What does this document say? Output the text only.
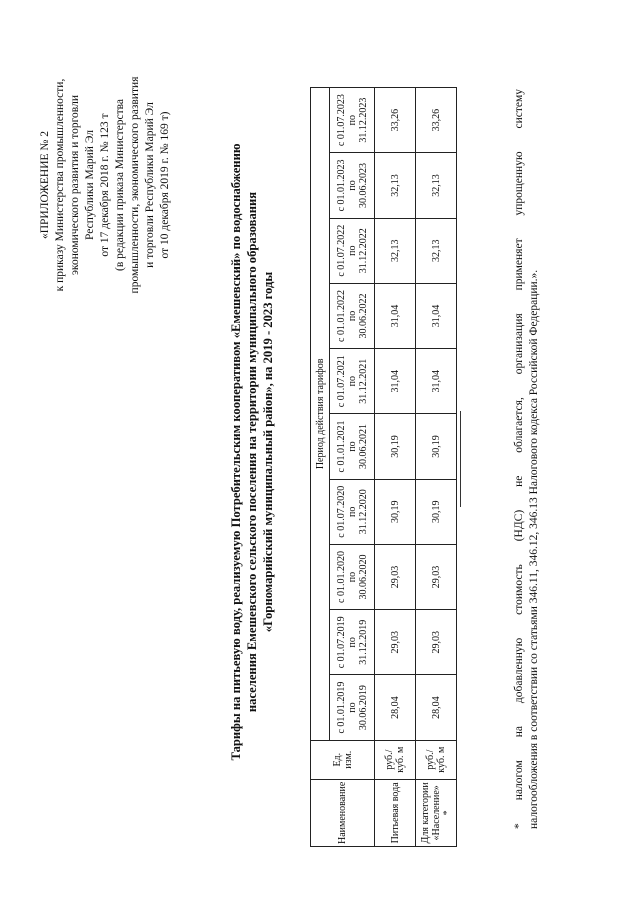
«ПРИЛОЖЕНИЕ № 2 к приказу Министерства промышленности, экономического развития и торговли Республики Марий Эл от 17 декабря 2018 г. № 123 т (в редакции приказа Министерства промышленности, экономического развития и торговли Республики Марий Эл от 10 декабря 2019 г. № 169 т)	Тарифы на питьевую воду, реализуемую Потребительским кооперативом «Емешевский» по водоснабжению населения Емешевского сельского поселения на территории муниципального образования «Горномарийский муниципальный район», на 2019 - 2023 годы
Наименование	Ед. изм.	Период действия тарифов									
		с 01.01.2019
по
30.06.2019	с 01.07.2019
по
31.12.2019	с 01.01.2020
по
30.06.2020	с 01.07.2020
по
31.12.2020	с 01.01.2021
по
30.06.2021	с 01.07.2021
по
31.12.2021	с 01.01.2022
по
30.06.2022	с 01.07.2022
по
31.12.2022	с 01.01.2023
по
30.06.2023	с 01.07.2023
по
31.12.2023
Питьевая вода	руб./ куб. м	28,04	29,03	29,03	30,19	30,19	31,04	31,04	32,13	32,13	33,26
Для категории «Население» *	руб./ куб. м	28,04	29,03	29,03	30,19	30,19	31,04	31,04	32,13	32,13	33,26	* налогом на добавленную стоимость (НДС) не облагается, организация применяет упрощенную систему налогообложения в соответствии со статьями 346.11, 346.12, 346.13 Налогового кодекса Российской Федерации.».
